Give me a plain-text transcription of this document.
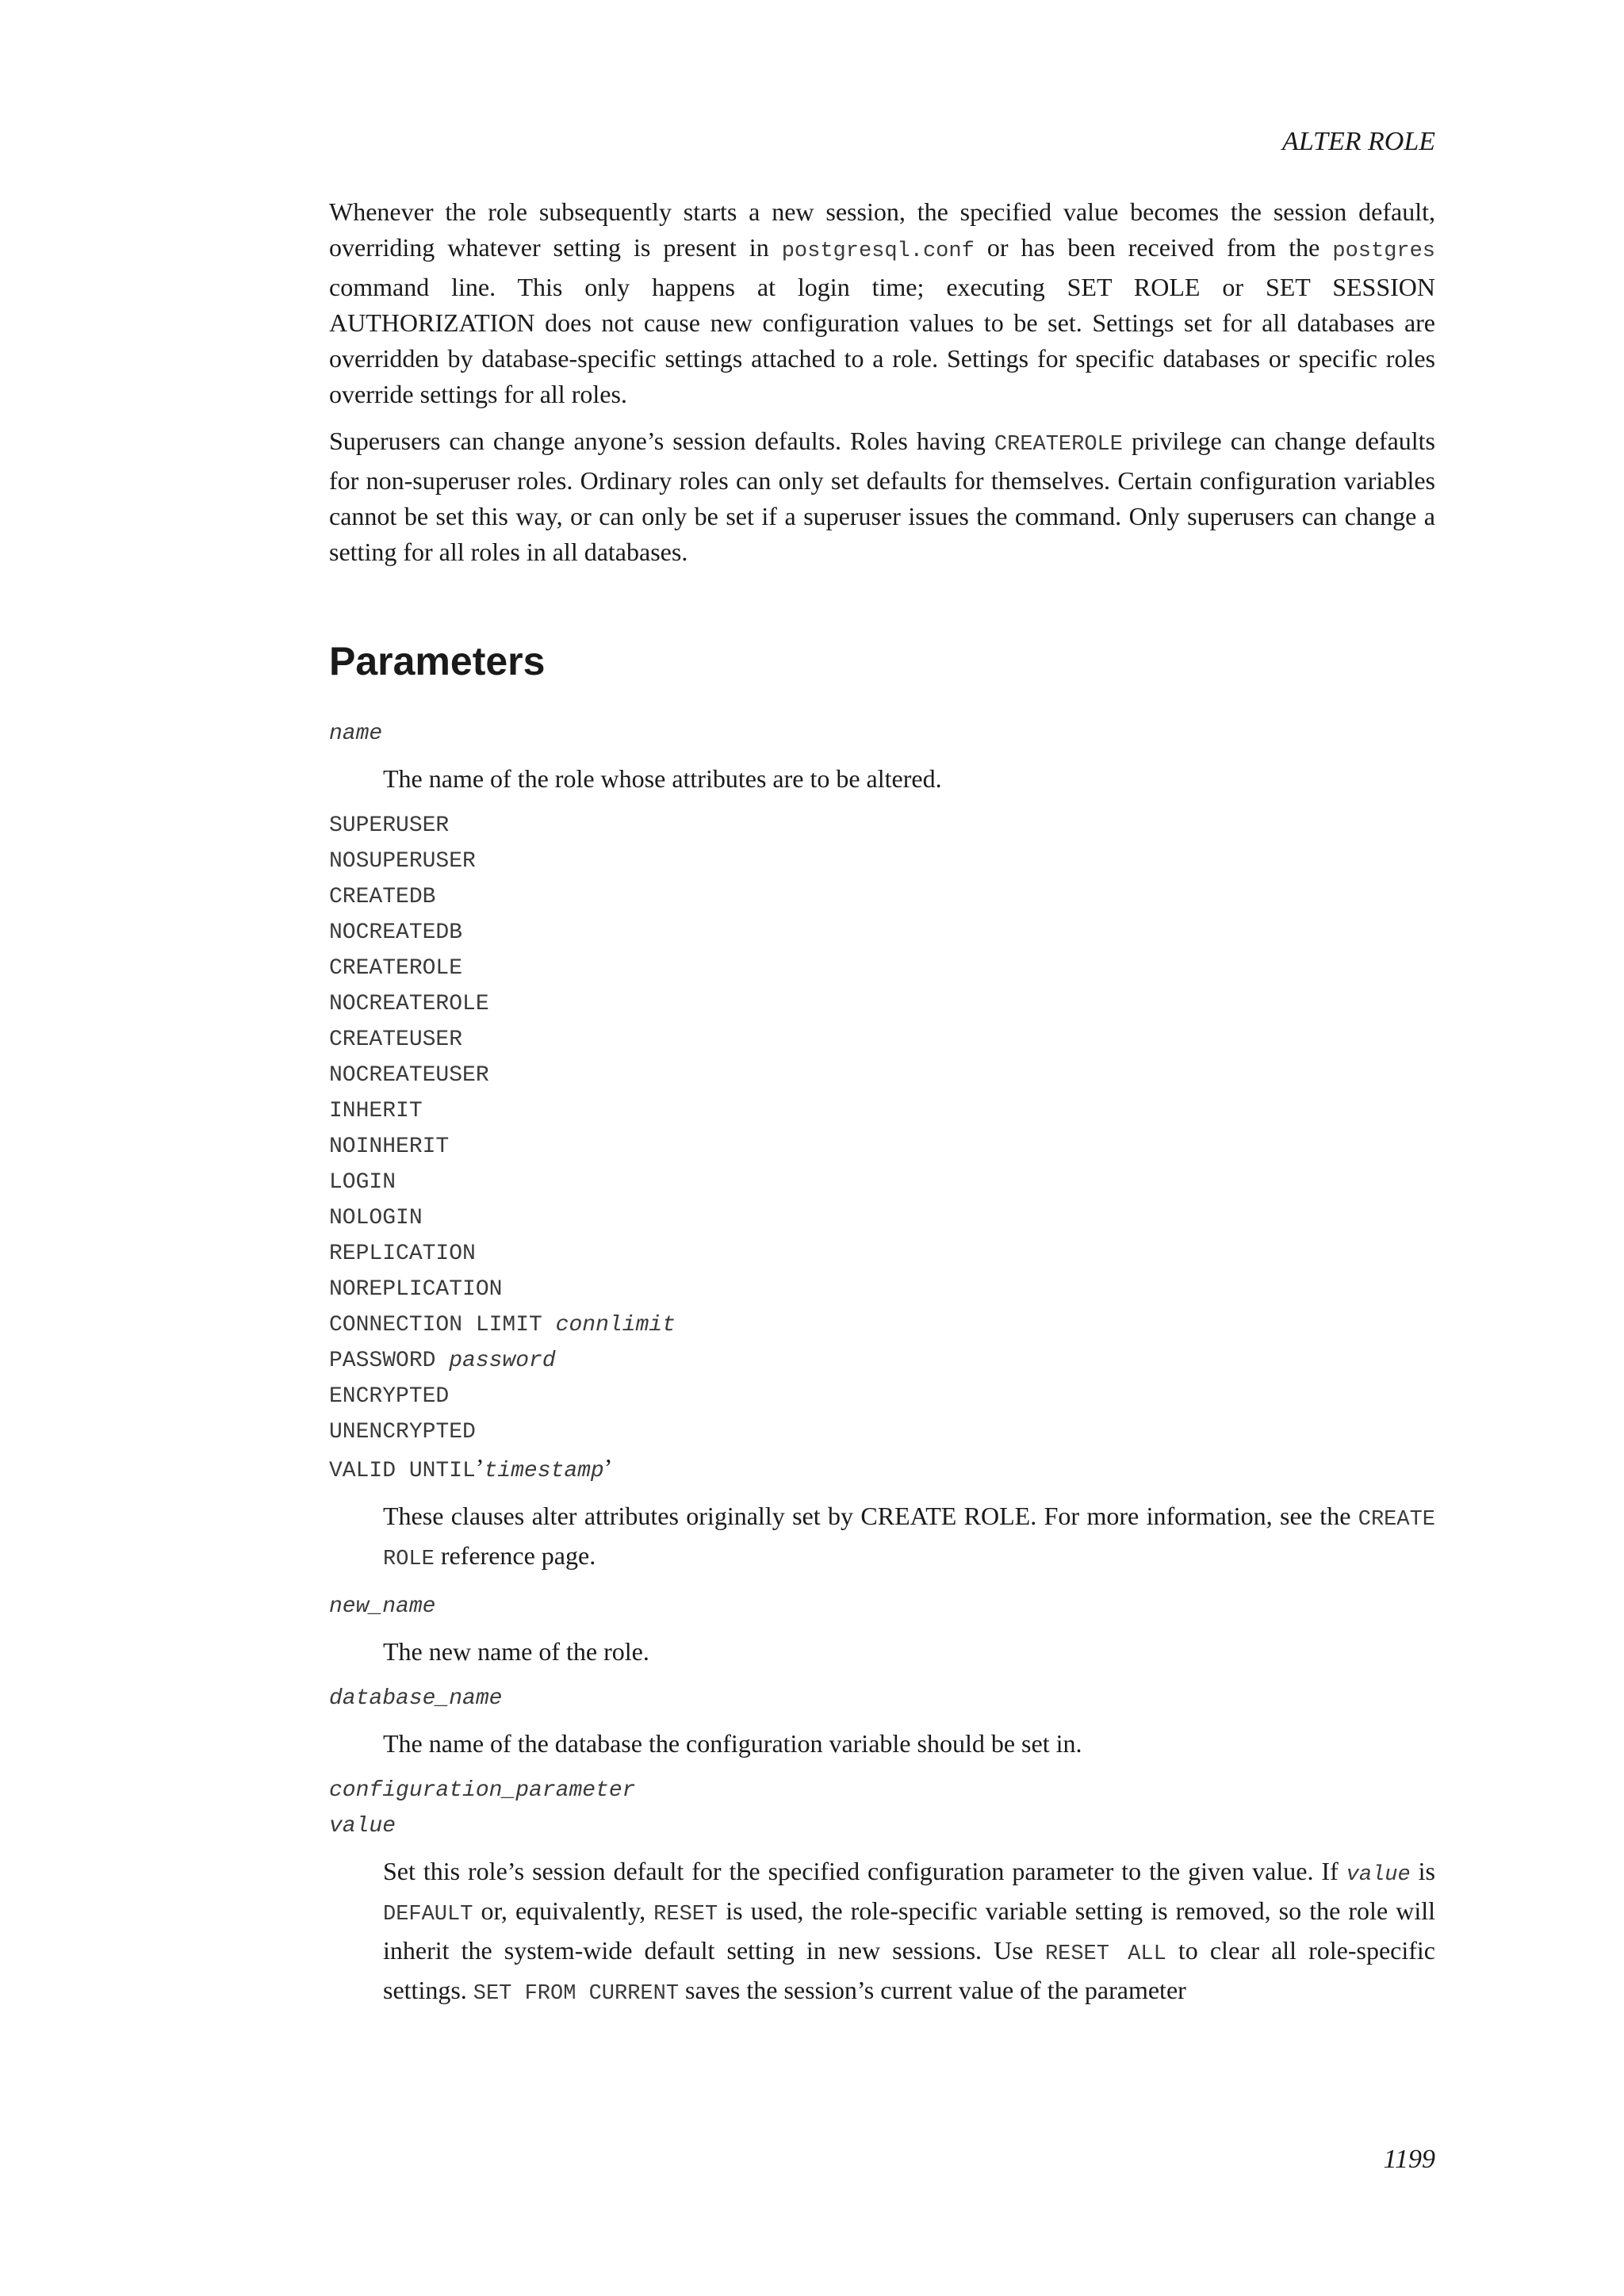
ALTER ROLE

Whenever the role subsequently starts a new session, the specified value becomes the session default, overriding whatever setting is present in postgresql.conf or has been received from the postgres command line. This only happens at login time; executing SET ROLE or SET SESSION AUTHORIZATION does not cause new configuration values to be set. Settings set for all databases are overridden by database-specific settings attached to a role. Settings for specific databases or specific roles override settings for all roles.

Superusers can change anyone’s session defaults. Roles having CREATEROLE privilege can change defaults for non-superuser roles. Ordinary roles can only set defaults for themselves. Certain configuration variables cannot be set this way, or can only be set if a superuser issues the command. Only superusers can change a setting for all roles in all databases.

Parameters
name
The name of the role whose attributes are to be altered.
SUPERUSER
NOSUPERUSER
CREATEDB
NOCREATEDB
CREATEROLE
NOCREATEROLE
CREATEUSER
NOCREATEUSER
INHERIT
NOINHERIT
LOGIN
NOLOGIN
REPLICATION
NOREPLICATION
CONNECTION LIMIT connlimit
PASSWORD password
ENCRYPTED
UNENCRYPTED
VALID UNTIL’timestamp’
These clauses alter attributes originally set by CREATE ROLE. For more information, see the CREATE ROLE reference page.
new_name
The new name of the role.
database_name
The name of the database the configuration variable should be set in.
configuration_parameter
value
Set this role’s session default for the specified configuration parameter to the given value. If value is DEFAULT or, equivalently, RESET is used, the role-specific variable setting is removed, so the role will inherit the system-wide default setting in new sessions. Use RESET ALL to clear all role-specific settings. SET FROM CURRENT saves the session’s current value of the parameter
1199
